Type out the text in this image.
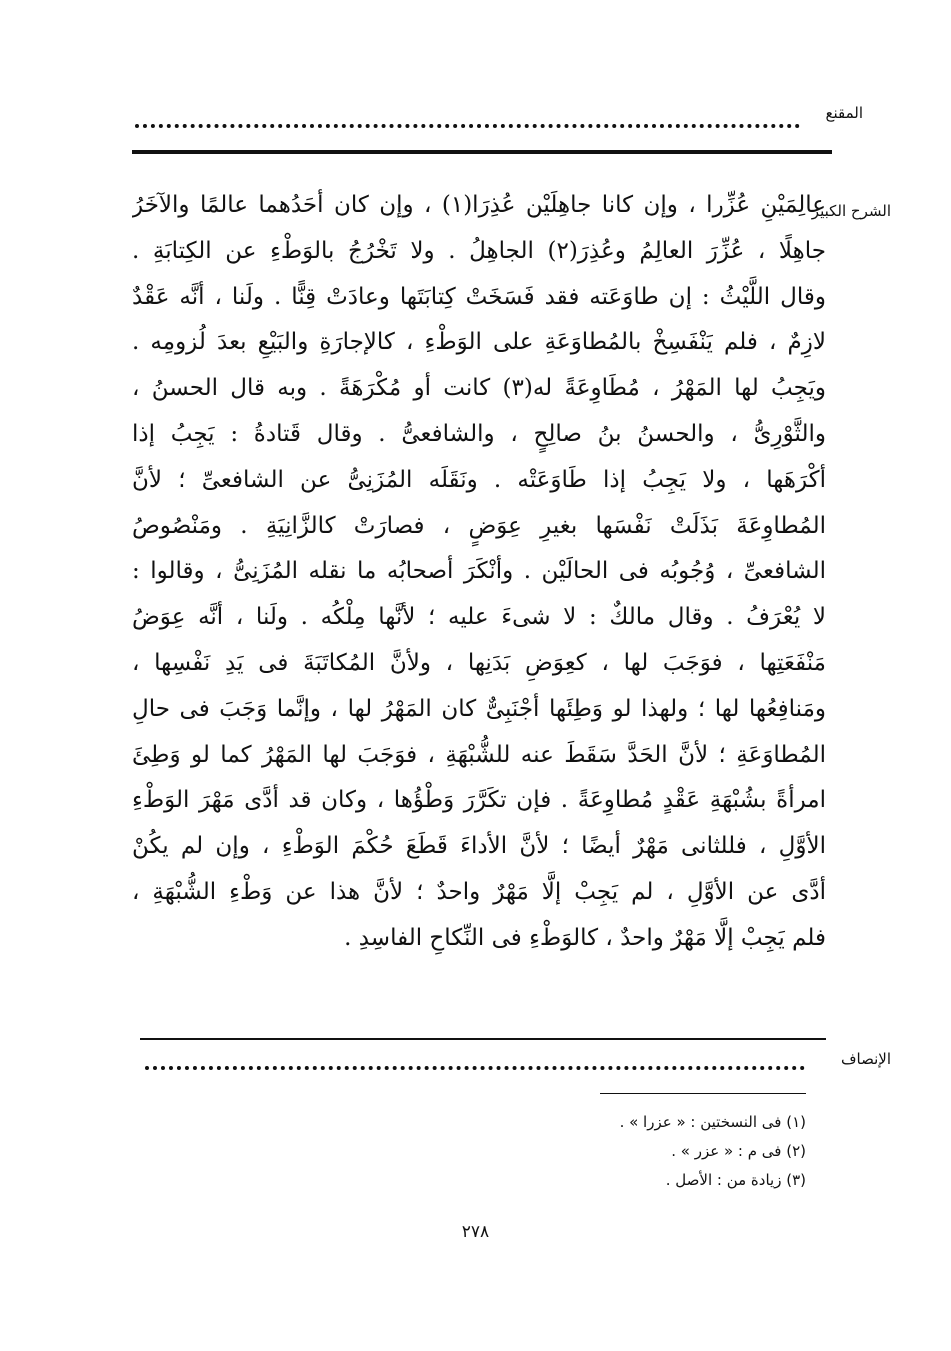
المقنع
الشرح الكبير
عالِمَيْنِ عُزِّرا ، وإن كانا جاهِلَيْن عُذِرَا(١) ، وإن كان أحَدُهما عالمًا والآخَرُ
جاهِلًا ، عُزِّرَ العالِمُ وعُذِرَ(٢) الجاهِلُ . ولا تَخْرُجُ بالوَطْءِ عن الكِتابَةِ .
وقال اللَّيْثُ : إن طاوَعَته فقد فَسَخَتْ كِتابَتَها وعادَتْ قِنًّا . ولَنا ، أنَّه عَقْدٌ
لازِمٌ ، فلم يَنْفَسِخْ بالمُطاوَعَةِ على الوَطْءِ ، كالإجارَةِ والبَيْعِ بعدَ لُزومِه .
ويَجِبُ لها المَهْرُ ، مُطَاوِعَةً له(٣) كانت أو مُكْرَهَةً . وبه قال الحسنُ ،
والثَّوْرِىُّ ، والحسنُ بنُ صالِحٍ ، والشافعىُّ . وقال قَتادةُ : يَجِبُ إذا
أكْرَهَها ، ولا يَجِبُ إذا طَاوَعَتْه . ونَقَلَه المُزَنِىُّ عن الشافعىِّ ؛ لأنَّ
المُطاوِعَةَ بَذَلَتْ نَفْسَها بغيرِ عِوَضٍ ، فصارَتْ كالزَّانِيَةِ . ومَنْصُوصُ
الشافعىِّ ، وُجُوبُه فى الحالَيْن . وأنْكَرَ أصحابُه ما نقله المُزَنِىُّ ، وقالوا :
لا يُعْرَفُ . وقال مالكٌ : لا شىءَ عليه ؛ لأنَّها مِلْكُه . ولَنا ، أنَّه عِوَضُ
مَنْفَعَتِها ، فوَجَبَ لها ، كعِوَضِ بَدَنِها ، ولأنَّ المُكاتَبَةَ فى يَدِ نَفْسِها ،
ومَنافِعُها لها ؛ ولهذا لو وَطِئَها أجْنَبِىٌّ كان المَهْرُ لها ، وإنَّما وَجَبَ فى حالِ
المُطاوَعَةِ ؛ لأنَّ الحَدَّ سَقَطَ عنه للشُّبْهَةِ ، فوَجَبَ لها المَهْرُ كما لو وَطِئَ
امرأةً بشُبْهَةِ عَقْدٍ مُطاوِعَةً . فإن تكَرَّرَ وَطْؤُها ، وكان قد أدَّى مَهْرَ الوَطْءِ
الأوَّلِ ، فللثانى مَهْرٌ أيضًا ؛ لأنَّ الأداءَ قَطَعَ حُكْمَ الوَطْءِ ، وإن لم يكُنْ
أدَّى عن الأوَّلِ ، لم يَجِبْ إلَّا مَهْرٌ واحدٌ ؛ لأنَّ هذا عن وَطْءِ الشُّبْهَةِ ،
فلم يَجِبْ إلَّا مَهْرٌ واحدٌ ، كالوَطْءِ فى النِّكاحِ الفاسِدِ .
الإنصاف
(١) فى النسختين : « عزرا » .
(٢) فى م : « عزر » .
(٣) زيادة من : الأصل .
٢٧٨
